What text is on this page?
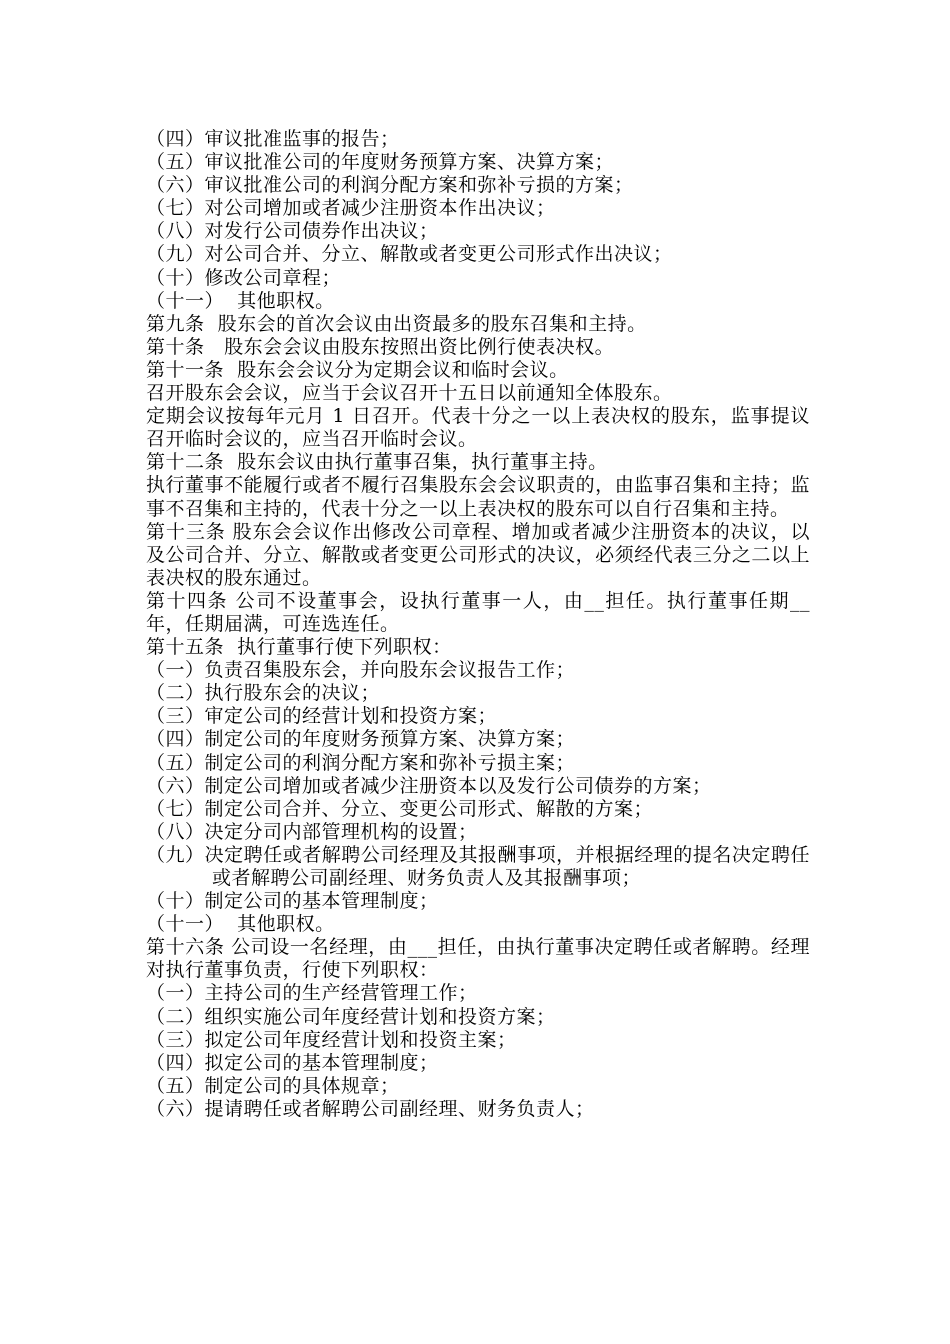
（四）审议批准监事的报告；
（五）审议批准公司的年度财务预算方案、决算方案；
（六）审议批准公司的利润分配方案和弥补亏损的方案；
（七）对公司增加或者减少注册资本作出决议；
（八）对发行公司债券作出决议；
（九）对公司合并、分立、解散或者变更公司形式作出决议；
（十）修改公司章程；
（十一）  其他职权。
第九条  股东会的首次会议由出资最多的股东召集和主持。
第十条   股东会会议由股东按照出资比例行使表决权。
第十一条  股东会会议分为定期会议和临时会议。
召开股东会会议，应当于会议召开十五日以前通知全体股东。
定期会议按每年元月 1 日召开。代表十分之一以上表决权的股东，监事提议召开临时会议的，应当召开临时会议。
第十二条  股东会议由执行董事召集，执行董事主持。
执行董事不能履行或者不履行召集股东会会议职责的，由监事召集和主持；监事不召集和主持的，代表十分之一以上表决权的股东可以自行召集和主持。
第十三条 股东会会议作出修改公司章程、增加或者减少注册资本的决议，以及公司合并、分立、解散或者变更公司形式的决议，必须经代表三分之二以上表决权的股东通过。
第十四条 公司不设董事会，设执行董事一人，由__担任。执行董事任期__年，任期届满，可连选连任。
第十五条  执行董事行使下列职权：
（一）负责召集股东会，并向股东会议报告工作；
（二）执行股东会的决议；
（三）审定公司的经营计划和投资方案；
（四）制定公司的年度财务预算方案、决算方案；
（五）制定公司的利润分配方案和弥补亏损主案；
（六）制定公司增加或者减少注册资本以及发行公司债券的方案；
（七）制定公司合并、分立、变更公司形式、解散的方案；
（八）决定分司内部管理机构的设置；
（九）决定聘任或者解聘公司经理及其报酬事项，并根据经理的提名决定聘任或者解聘公司副经理、财务负责人及其报酬事项；
（十）制定公司的基本管理制度；
（十一）  其他职权。
第十六条 公司设一名经理，由___担任，由执行董事决定聘任或者解聘。经理对执行董事负责，行使下列职权：
（一）主持公司的生产经营管理工作；
（二）组织实施公司年度经营计划和投资方案；
（三）拟定公司年度经营计划和投资主案；
（四）拟定公司的基本管理制度；
（五）制定公司的具体规章；
（六）提请聘任或者解聘公司副经理、财务负责人；
